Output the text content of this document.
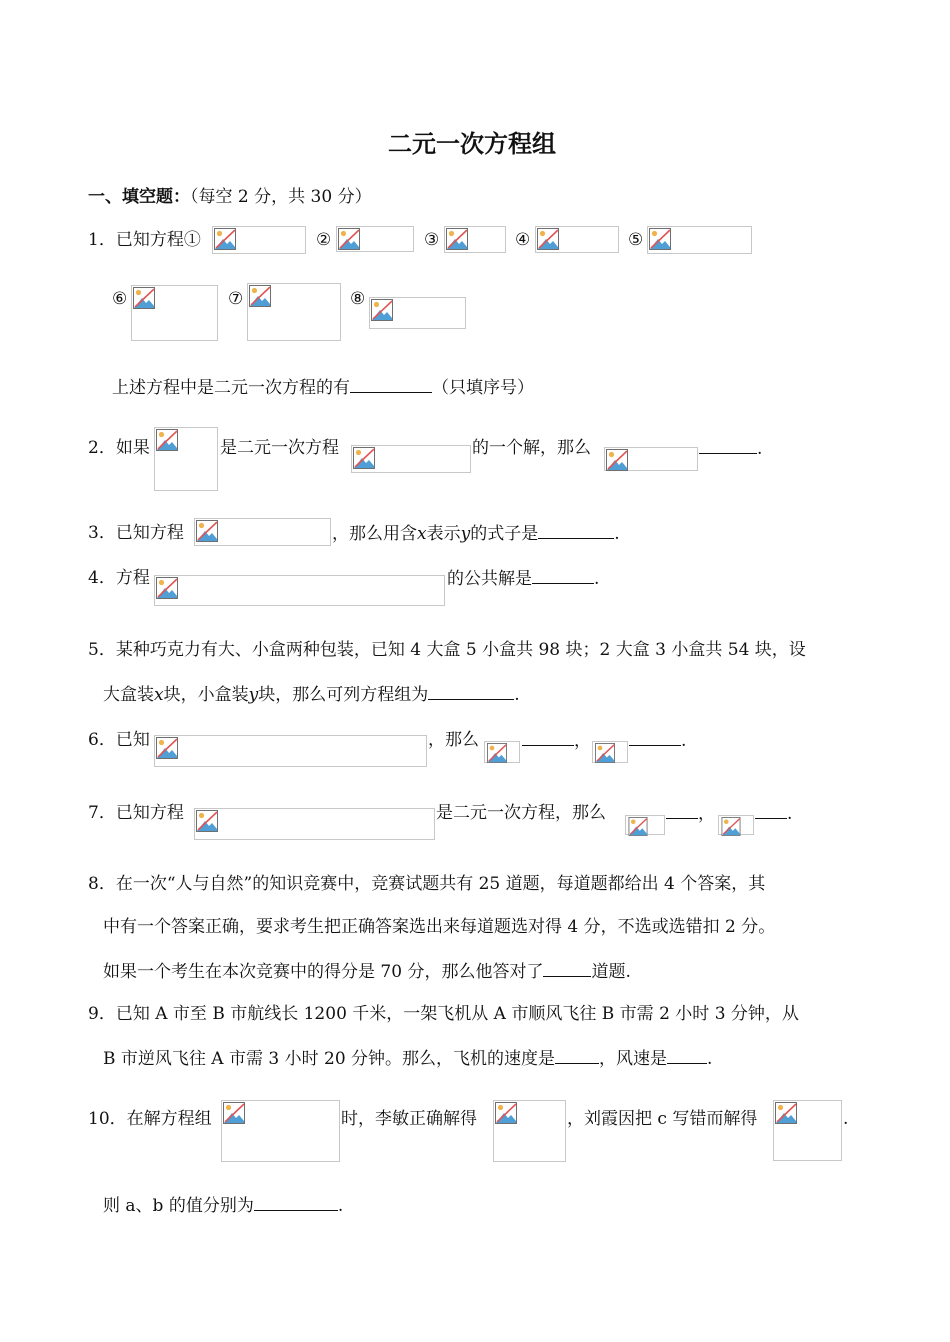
二元一次方程组
一、填空题：（每空 2 分，共 30 分）
1．已知方程①	②	③	④	⑤
⑥	⑦	⑧
上述方程中是二元一次方程的有	（只填序号）
2．如果	是二元一次方程	的一个解，那么	.
3．已知方程	，那么用含x表示y的式子是	.
4．方程	的公共解是	.
5．某种巧克力有大、小盒两种包装，已知 4 大盒 5 小盒共 98 块；2 大盒 3 小盒共 54 块，设
大盒装x块，小盒装y块，那么可列方程组为	.
6．已知	，那么	，	.
7．已知方程	是二元一次方程，那么	，	.
8．在一次“人与自然”的知识竞赛中，竞赛试题共有 25 道题，每道题都给出 4 个答案，其
中有一个答案正确，要求考生把正确答案选出来每道题选对得 4 分，不选或选错扣 2 分。
如果一个考生在本次竞赛中的得分是 70 分，那么他答对了	道题.
9．已知 A 市至 B 市航线长 1200 千米，一架飞机从 A 市顺风飞往 B 市需 2 小时 3 分钟，从
B 市逆风飞往 A 市需 3 小时 20 分钟。那么，飞机的速度是	，风速是 .
10．在解方程组	时，李敏正确解得	，刘霞因把 c 写错而解得	.
则 a、b 的值分别为	.
